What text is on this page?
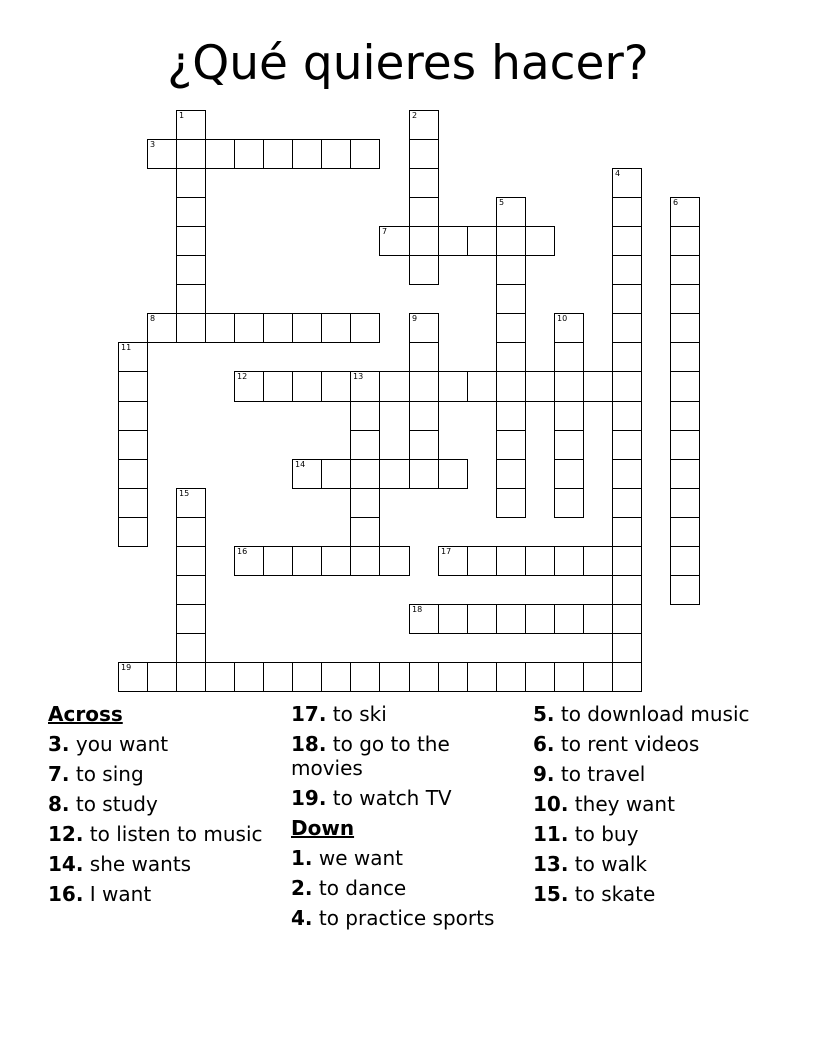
¿Qué quieres hacer?
1	2
3
4
5	6
7
8	9	10
11
12	13
14
15
16	17
18
19
Across
3. you want
7. to sing
8. to study
12. to listen to music
14. she wants
16. I want
17. to ski
18. to go to the movies
19. to watch TV
Down
1. we want
2. to dance
4. to practice sports
5. to download music
6. to rent videos
9. to travel
10. they want
11. to buy
13. to walk
15. to skate
